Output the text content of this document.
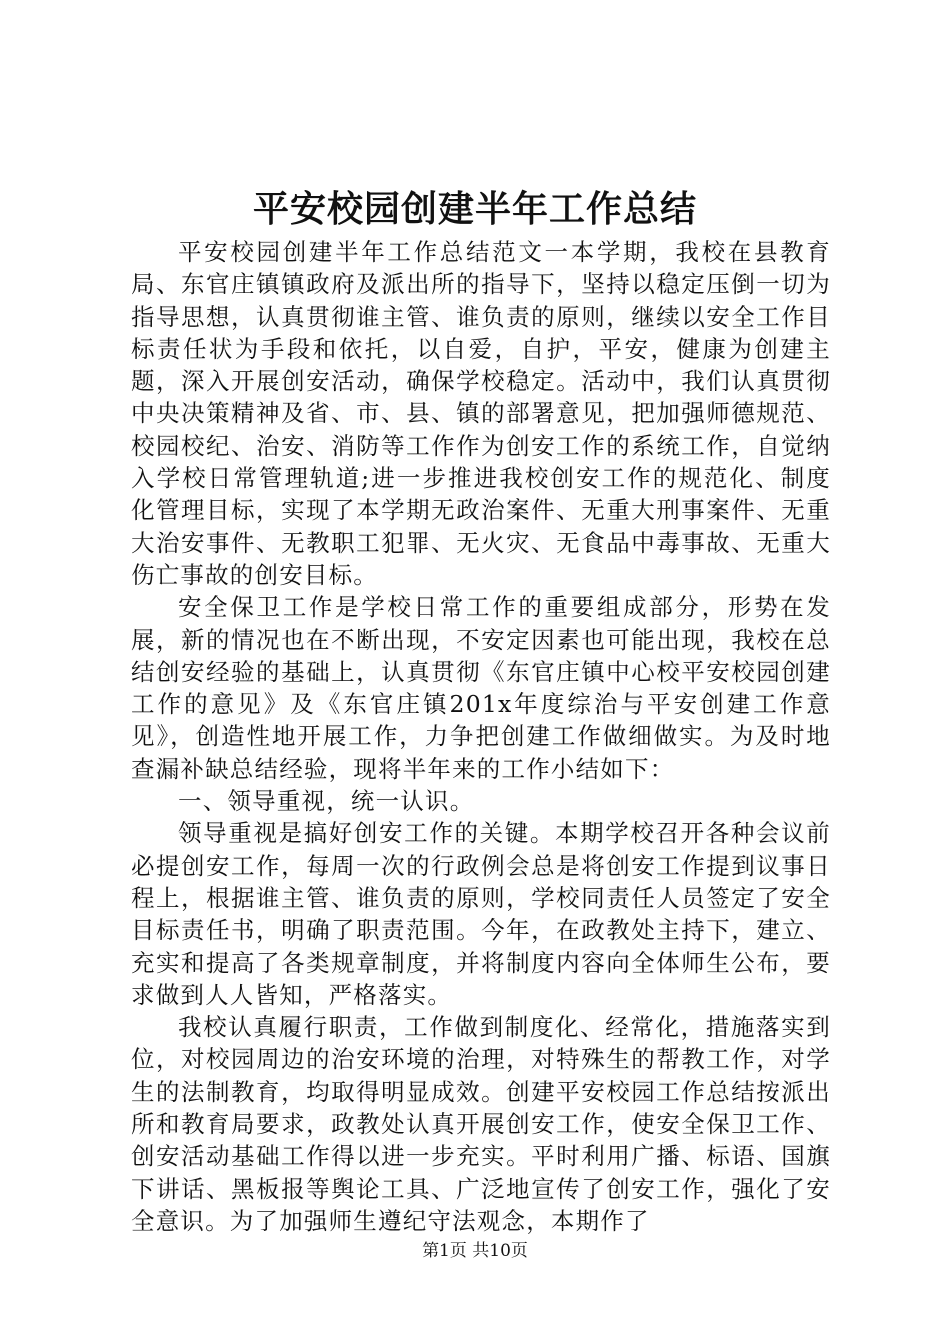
平安校园创建半年工作总结

平安校园创建半年工作总结范文一本学期，我校在县教育局、东官庄镇镇政府及派出所的指导下，坚持以稳定压倒一切为指导思想，认真贯彻谁主管、谁负责的原则，继续以安全工作目标责任状为手段和依托，以自爱，自护，平安，健康为创建主题，深入开展创安活动，确保学校稳定。活动中，我们认真贯彻中央决策精神及省、市、县、镇的部署意见，把加强师德规范、校园校纪、治安、消防等工作作为创安工作的系统工作，自觉纳入学校日常管理轨道;进一步推进我校创安工作的规范化、制度化管理目标，实现了本学期无政治案件、无重大刑事案件、无重大治安事件、无教职工犯罪、无火灾、无食品中毒事故、无重大伤亡事故的创安目标。

安全保卫工作是学校日常工作的重要组成部分，形势在发展，新的情况也在不断出现，不安定因素也可能出现，我校在总结创安经验的基础上，认真贯彻《东官庄镇中心校平安校园创建工作的意见》及《东官庄镇201x年度综治与平安创建工作意见》，创造性地开展工作，力争把创建工作做细做实。为及时地查漏补缺总结经验，现将半年来的工作小结如下：

一、领导重视，统一认识。

领导重视是搞好创安工作的关键。本期学校召开各种会议前必提创安工作，每周一次的行政例会总是将创安工作提到议事日程上，根据谁主管、谁负责的原则，学校同责任人员签定了安全目标责任书，明确了职责范围。今年，在政教处主持下，建立、充实和提高了各类规章制度，并将制度内容向全体师生公布，要求做到人人皆知，严格落实。

我校认真履行职责，工作做到制度化、经常化，措施落实到位，对校园周边的治安环境的治理，对特殊生的帮教工作，对学生的法制教育，均取得明显成效。创建平安校园工作总结按派出所和教育局要求，政教处认真开展创安工作，使安全保卫工作、创安活动基础工作得以进一步充实。平时利用广播、标语、国旗下讲话、黑板报等舆论工具、广泛地宣传了创安工作，强化了安全意识。为了加强师生遵纪守法观念，本期作了

第1页 共10页
